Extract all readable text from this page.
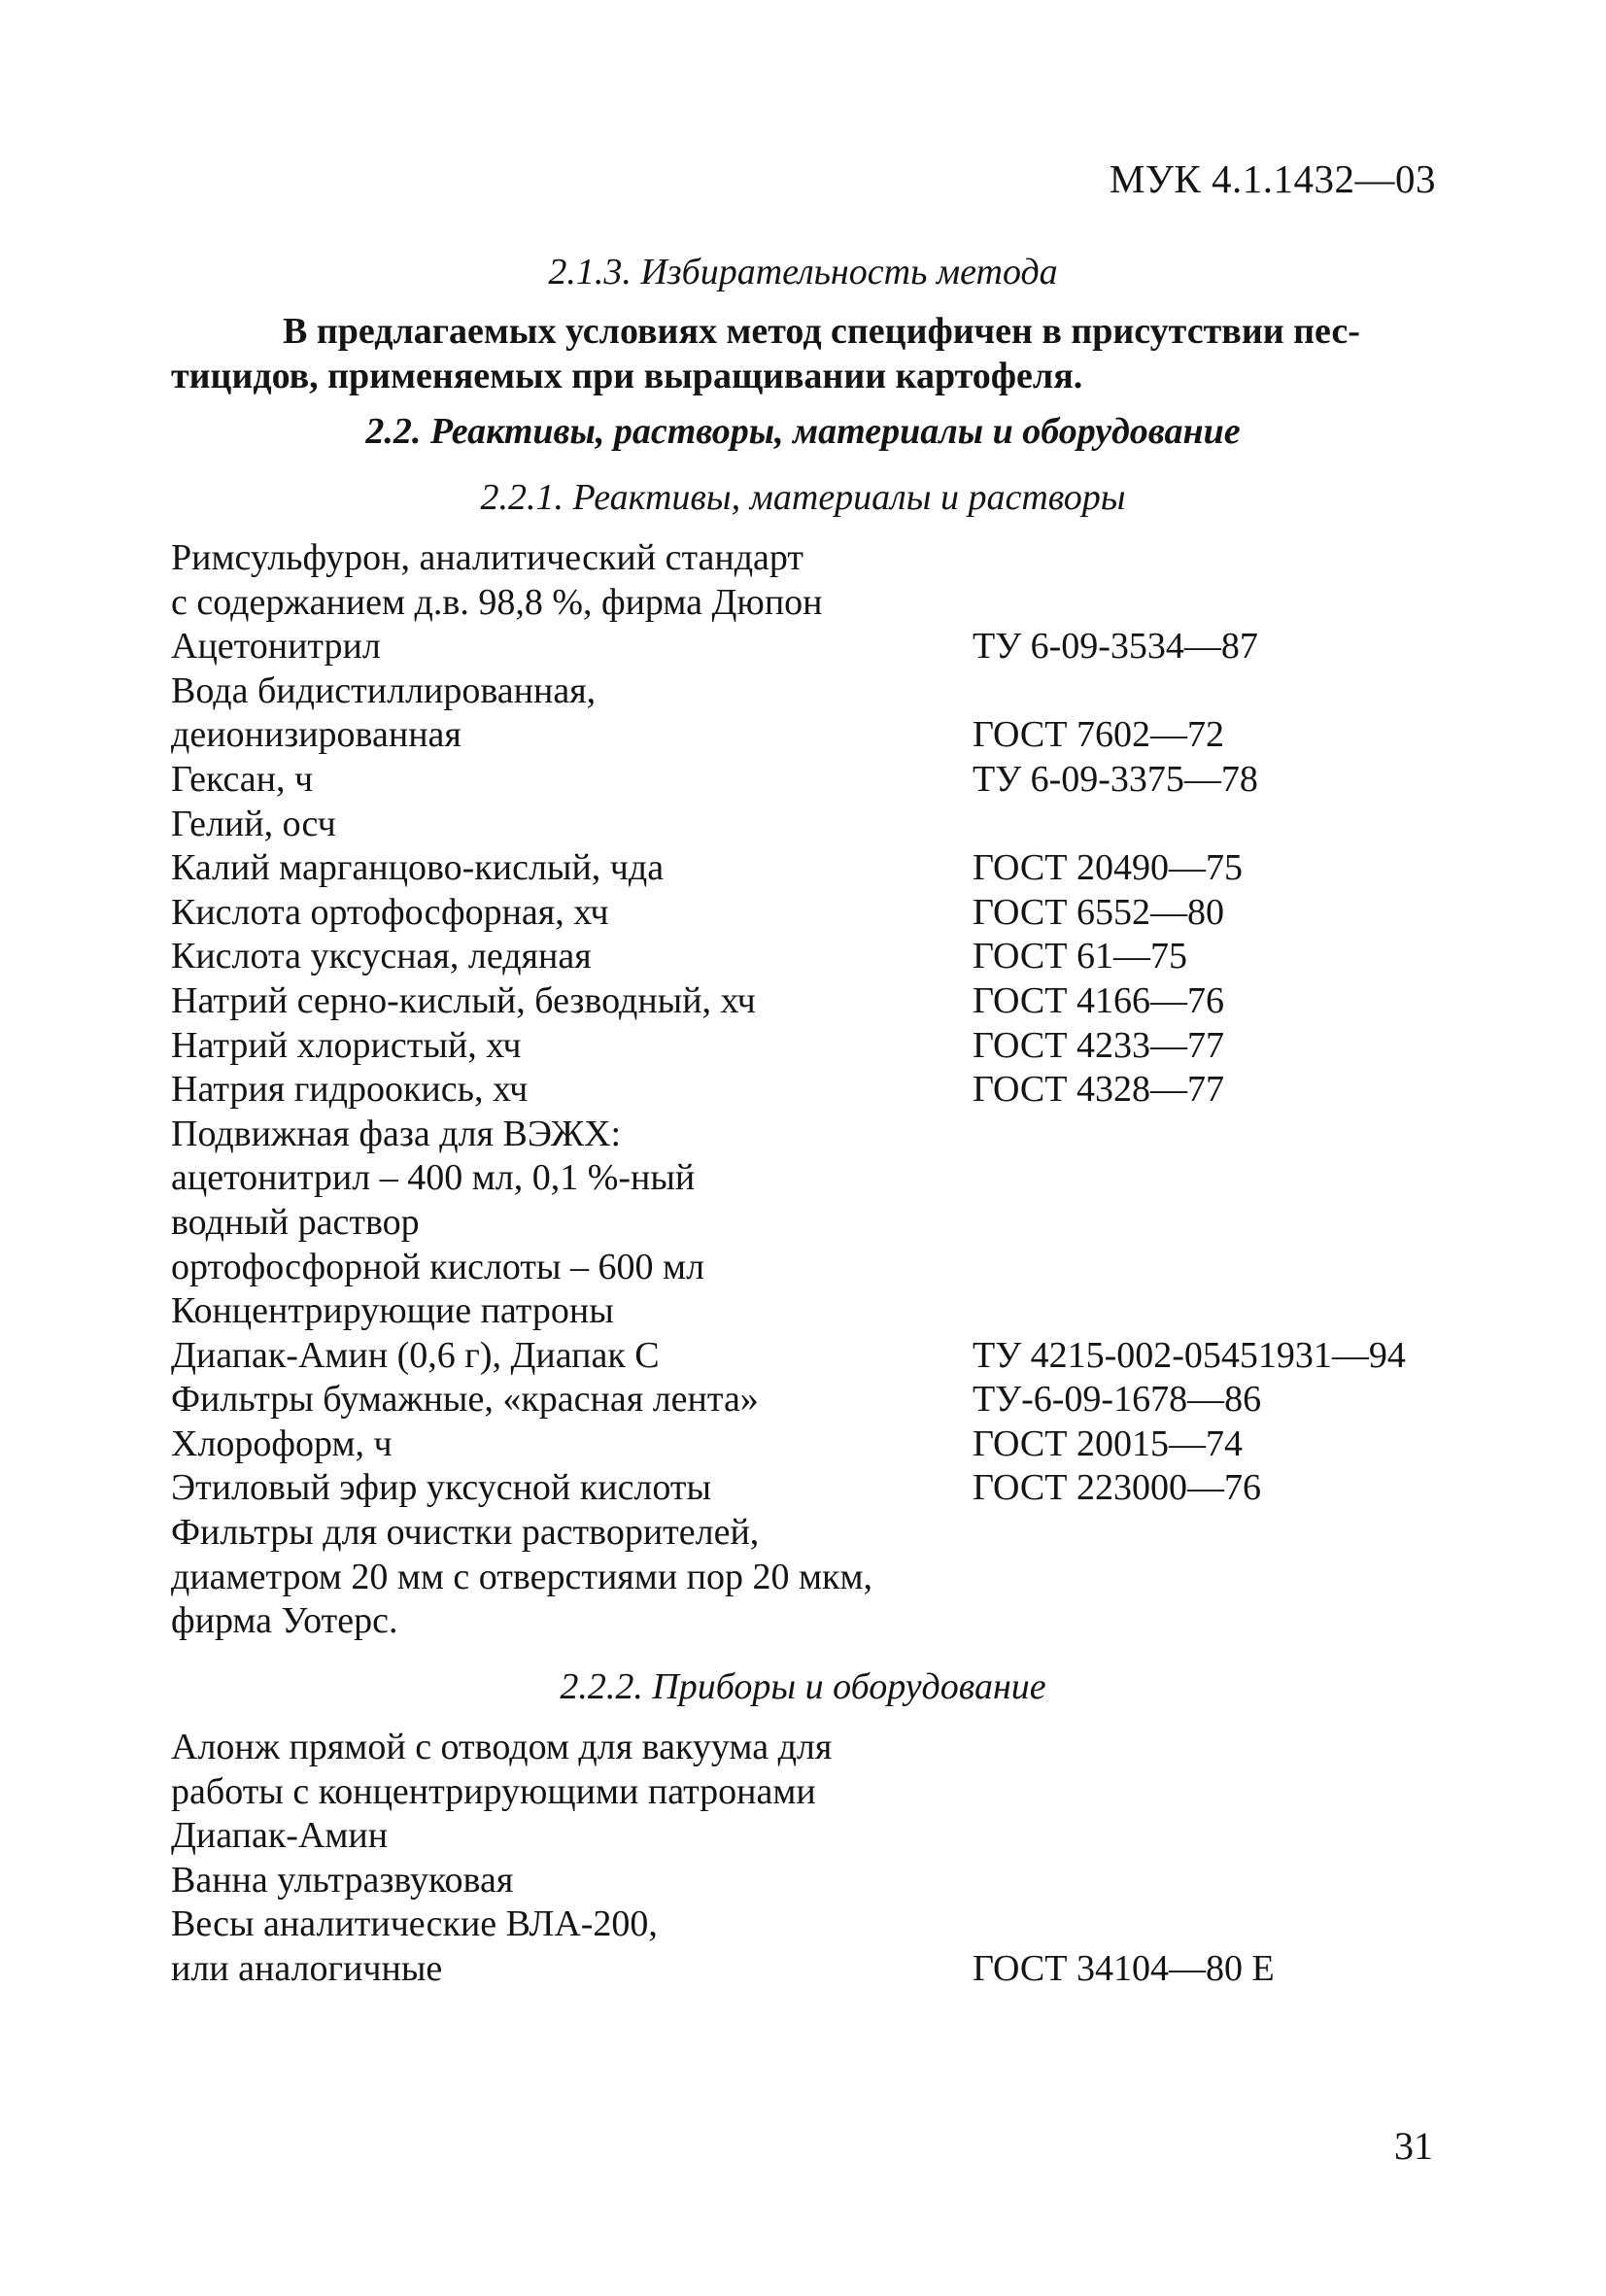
МУК 4.1.1432—03
2.1.3. Избирательность метода
В предлагаемых условиях метод специфичен в присутствии пес-
тицидов, применяемых при выращивании картофеля.
2.2. Реактивы, растворы, материалы и оборудование
2.2.1. Реактивы, материалы и растворы
Римсульфурон, аналитический стандарт
с содержанием д.в. 98,8 %, фирма Дюпон
Ацетонитрил	ТУ 6-09-3534—87
Вода бидистиллированная,
деионизированная	ГОСТ 7602—72
Гексан, ч	ТУ 6-09-3375—78
Гелий, осч
Калий марганцово-кислый, чда	ГОСТ 20490—75
Кислота ортофосфорная, хч	ГОСТ 6552—80
Кислота уксусная, ледяная	ГОСТ 61—75
Натрий серно-кислый, безводный, хч	ГОСТ 4166—76
Натрий хлористый, хч	ГОСТ 4233—77
Натрия гидроокись, хч	ГОСТ 4328—77
Подвижная фаза для ВЭЖХ:
ацетонитрил – 400 мл, 0,1 %-ный
водный раствор
ортофосфорной кислоты – 600 мл
Концентрирующие патроны
Диапак-Амин (0,6 г), Диапак С	ТУ 4215-002-05451931—94
Фильтры бумажные, «красная лента»	ТУ-6-09-1678—86
Хлороформ, ч	ГОСТ 20015—74
Этиловый эфир уксусной кислоты	ГОСТ 223000—76
Фильтры для очистки растворителей,
диаметром 20 мм с отверстиями пор 20 мкм,
фирма Уотерс.
2.2.2. Приборы и оборудование
Алонж прямой с отводом для вакуума для
работы с концентрирующими патронами
Диапак-Амин
Ванна ультразвуковая
Весы аналитические ВЛА-200,
или аналогичные	ГОСТ 34104—80 Е
31
